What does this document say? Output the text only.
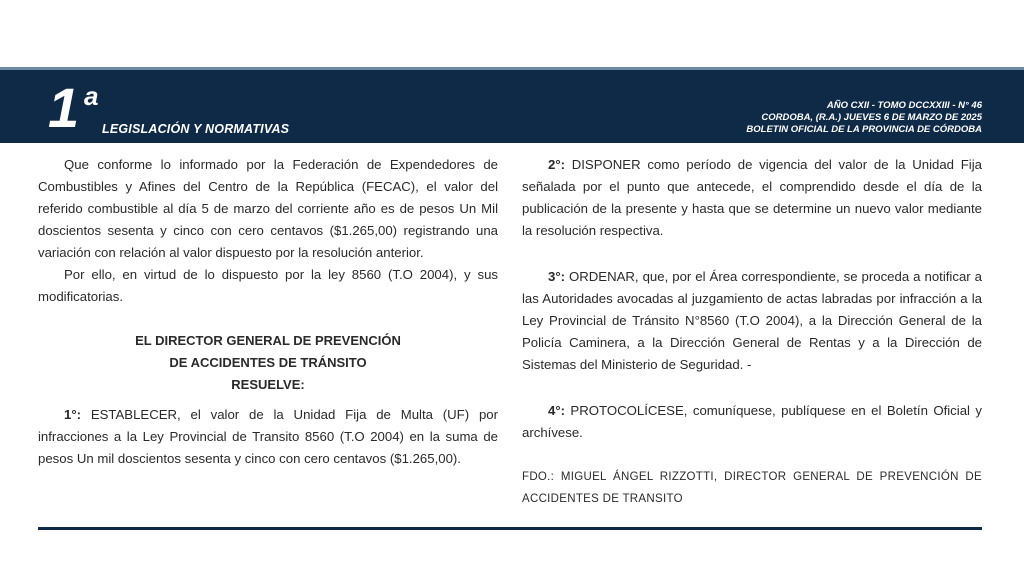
1 a
LEGISLACIÓN Y NORMATIVAS
AÑO CXII - TOMO DCCXXIII - N° 46
CORDOBA, (R.A.) JUEVES 6 DE MARZO DE 2025
BOLETIN OFICIAL DE LA PROVINCIA DE CÓRDOBA

Que conforme lo informado por la Federación de Expendedores de Combustibles y Afines del Centro de la República (FECAC), el valor del referido combustible al día 5 de marzo del corriente año es de pesos Un Mil doscientos sesenta y cinco con cero centavos ($1.265,00) registrando una variación con relación al valor dispuesto por la resolución anterior.

Por ello, en virtud de lo dispuesto por la ley 8560 (T.O 2004), y sus modificatorias.

EL DIRECTOR GENERAL DE PREVENCIÓN

DE ACCIDENTES DE TRÁNSITO

RESUELVE:

1°: ESTABLECER, el valor de la Unidad Fija de Multa (UF) por infracciones a la Ley Provincial de Transito 8560 (T.O 2004) en la suma de pesos Un mil doscientos sesenta y cinco con cero centavos ($1.265,00).

2°: DISPONER como período de vigencia del valor de la Unidad Fija señalada por el punto que antecede, el comprendido desde el día de la publicación de la presente y hasta que se determine un nuevo valor mediante la resolución respectiva.

3°: ORDENAR, que, por el Área correspondiente, se proceda a notificar a las Autoridades avocadas al juzgamiento de actas labradas por infracción a la Ley Provincial de Tránsito N°8560 (T.O 2004), a la Dirección General de la Policía Caminera, a la Dirección General de Rentas y a la Dirección de Sistemas del Ministerio de Seguridad. -

4°: PROTOCOLÍCESE, comuníquese, publíquese en el Boletín Oficial y archívese.

FDO.: MIGUEL ÁNGEL RIZZOTTI, DIRECTOR GENERAL DE PREVENCIÓN DE ACCIDENTES DE TRANSITO
